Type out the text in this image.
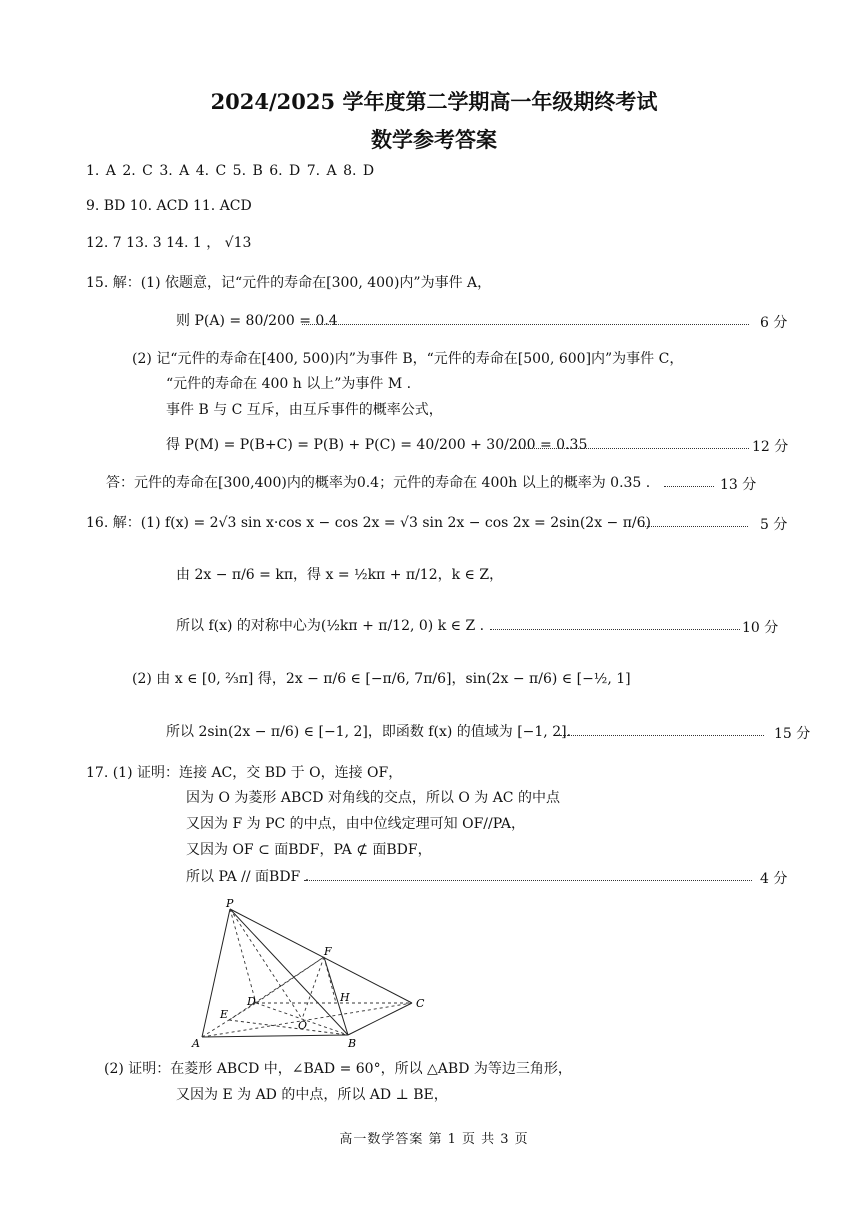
2024/2025 学年度第二学期高一年级期终考试
数学参考答案
1. A 2. C 3. A 4. C 5. B 6. D 7. A 8. D
9. BD 10. ACD 11. ACD
12. 7 13. 3 14. 1 ， √13
15. 解：(1) 依题意，记“元件的寿命在[300, 400)内”为事件 A，
则 P(A) = 80/200 = 0.4	6 分
(2) 记“元件的寿命在[400, 500)内”为事件 B，“元件的寿命在[500, 600]内”为事件 C，
“元件的寿命在 400 h 以上”为事件 M .
事件 B 与 C 互斥，由互斥事件的概率公式，
得 P(M) = P(B+C) = P(B) + P(C) = 40/200 + 30/200 = 0.35	12 分
答：元件的寿命在[300,400)内的概率为0.4；元件的寿命在 400h 以上的概率为 0.35 .	13 分
16. 解：(1) f(x) = 2√3 sin x·cos x − cos 2x = √3 sin 2x − cos 2x = 2sin(2x − π/6)	5 分
由 2x − π/6 = kπ，得 x = ½kπ + π/12，k ∈ Z，
所以 f(x) 的对称中心为(½kπ + π/12, 0) k ∈ Z .	10 分
(2) 由 x ∈ [0, ⅔π] 得，2x − π/6 ∈ [−π/6, 7π/6]，sin(2x − π/6) ∈ [−½, 1]
所以 2sin(2x − π/6) ∈ [−1, 2]，即函数 f(x) 的值域为 [−1, 2].	15 分
17. (1) 证明：连接 AC，交 BD 于 O，连接 OF，
因为 O 为菱形 ABCD 对角线的交点，所以 O 为 AC 的中点
又因为 F 为 PC 的中点，由中位线定理可知 OF//PA，
又因为 OF ⊂ 面BDF，PA ⊄ 面BDF，
所以 PA // 面BDF .	4 分
P
F
D	H	C
E
O
A	B
(2) 证明：在菱形 ABCD 中，∠BAD = 60°，所以 △ABD 为等边三角形，
又因为 E 为 AD 的中点，所以 AD ⊥ BE，
高一数学答案 第 1 页 共 3 页
